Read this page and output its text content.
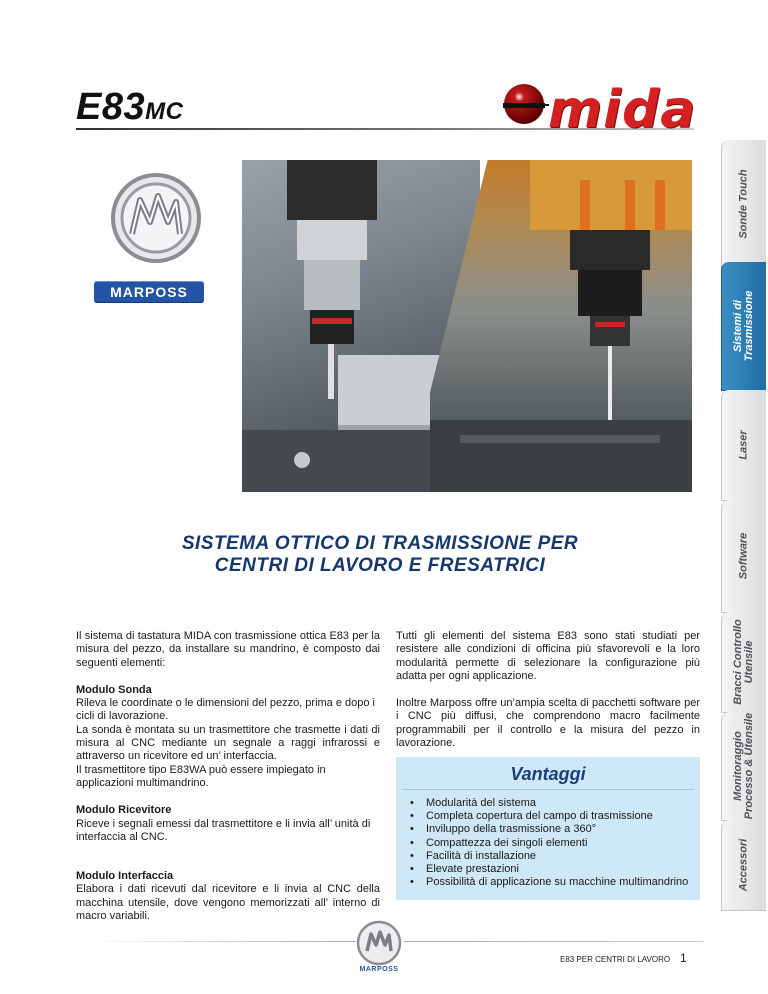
E83MC	mida
MARPOSS
SISTEMA OTTICO DI TRASMISSIONE PER
CENTRI DI LAVORO E FRESATRICI

Il sistema di tastatura MIDA con trasmissione ottica E83 per la misura del pezzo, da installare su mandrino, è composto dai seguenti elementi:

Modulo Sonda

Rileva le coordinate o le dimensioni del pezzo, prima e dopo i cicli di lavorazione.

La sonda è montata su un trasmettitore che trasmette i dati di misura al CNC mediante un segnale a raggi infrarossi e attraverso un ricevitore ed un’ interfaccia.

Il trasmettitore tipo E83WA può essere impiegato in applicazioni multimandrino.

Modulo Ricevitore

Riceve i segnali emessi dal trasmettitore e li invia all’ unità di interfaccia al CNC.

Modulo Interfaccia

Elabora i dati ricevuti dal ricevitore e li invia al CNC della macchina utensile, dove vengono memorizzati all’ interno di macro variabili.

Tutti gli elementi del sistema E83 sono stati studiati per resistere alle condizioni di officina più sfavorevoli e la loro modularità permette di selezionare la configurazione più adatta per ogni applicazione.

Inoltre Marposs offre un’ampia scelta di pacchetti software per i CNC più diffusi, che comprendono macro facilmente programmabili per il controllo e la misura del pezzo in lavorazione.

Vantaggi
• Modularità del sistema
• Completa copertura del campo di trasmissione
• Inviluppo della trasmissione a 360°
• Compattezza dei singoli elementi
• Facilità di installazione
• Elevate prestazioni
• Possibilità di applicazione su macchine multimandrino
Sonde Touch
Sistemi di Trasmissione
Laser
Software
Bracci Controllo Utensile
Monitoraggio Processo & Utensile
Accessori
MARPOSS
E83 PER CENTRI DI LAVORO 1
